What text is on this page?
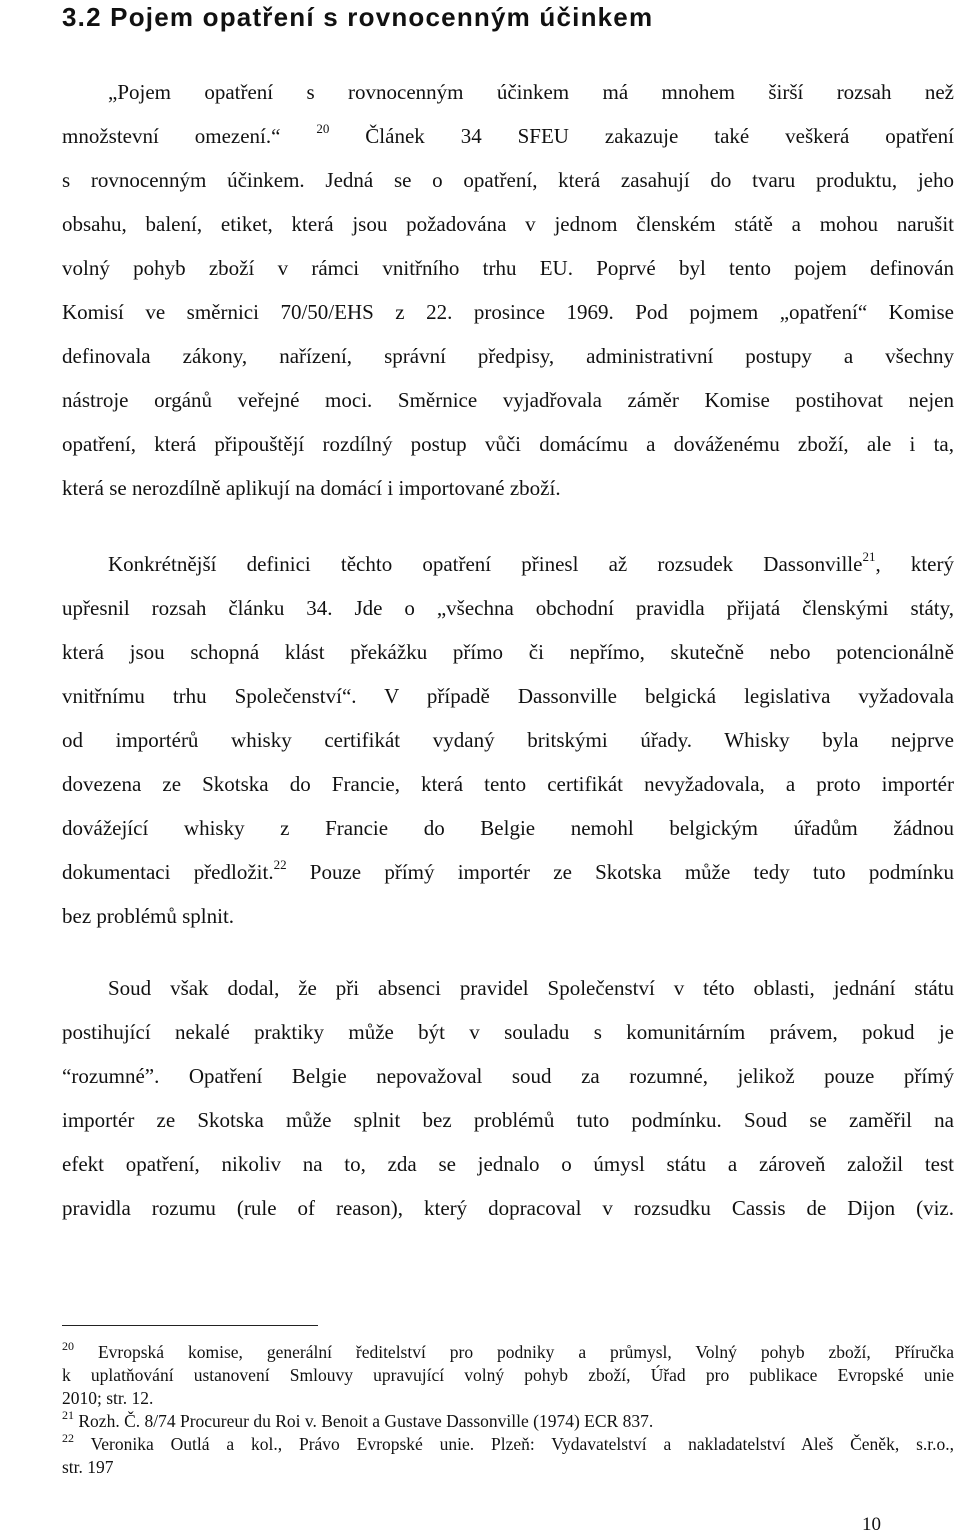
3.2 Pojem opatření s rovnocenným účinkem
„Pojem opatření s rovnocenným účinkem má mnohem širší rozsah než
množstevní omezení.“	$^{20}$ Článek 34 SFEU zakazuje také veškerá opatření
s rovnocenným účinkem. Jedná se o opatření, která zasahují do tvaru produktu, jeho
obsahu, balení, etiket, která jsou požadována v jednom členském státě a mohou narušit
volný pohyb zboží v rámci vnitřního trhu EU. Poprvé byl tento pojem definován
Komisí ve směrnici 70/50/EHS z 22. prosince 1969. Pod pojmem „opatření“ Komise
definovala zákony, nařízení, správní předpisy, administrativní postupy a všechny
nástroje orgánů veřejné moci. Směrnice vyjadřovala záměr Komise postihovat nejen
opatření, která připouštějí rozdílný postup vůči domácímu a dováženému zboží, ale i ta,
která se nerozdílně aplikují na domácí i importované zboží.
Konkrétnější definici těchto opatření přinesl až rozsudek Dassonville$^{21}$, který
upřesnil rozsah článku 34. Jde o „všechna obchodní pravidla přijatá členskými státy,
která jsou schopná klást překážku přímo či nepřímo, skutečně nebo potencionálně
vnitřnímu trhu Společenství“. V případě Dassonville belgická legislativa vyžadovala
od importérů whisky certifikát vydaný britskými úřady. Whisky byla nejprve
dovezena ze Skotska do Francie, která tento certifikát nevyžadovala, a proto importér
dovážející whisky z Francie do Belgie nemohl belgickým úřadům žádnou
dokumentaci předložit.$^{22}$ Pouze přímý importér ze Skotska může tedy tuto podmínku
bez problémů splnit.
Soud však dodal, že při absenci pravidel Společenství v této oblasti, jednání státu
postihující nekalé praktiky může být v souladu s komunitárním právem, pokud je
“rozumné”. Opatření Belgie nepovažoval soud za rozumné, jelikož pouze přímý
importér ze Skotska může splnit bez problémů tuto podmínku. Soud se zaměřil na
efekt opatření, nikoliv na to, zda se jednalo o úmysl státu a zároveň založil test
pravidla rozumu (rule of reason), který dopracoval v rozsudku Cassis de Dijon (viz.
$^{20}$ Evropská komise, generální ředitelství pro podniky a průmysl, Volný pohyb zboží, Příručka
k uplatňování ustanovení Smlouvy upravující volný pohyb zboží, Úřad pro publikace Evropské unie
2010; str. 12.
$^{21}$ Rozh. Č. 8/74 Procureur du Roi v. Benoit a Gustave Dassonville (1974) ECR 837.
$^{22}$ Veronika Outlá a kol., Právo Evropské unie. Plzeň: Vydavatelství a nakladatelství Aleš Čeněk, s.r.o.,
str. 197
10
